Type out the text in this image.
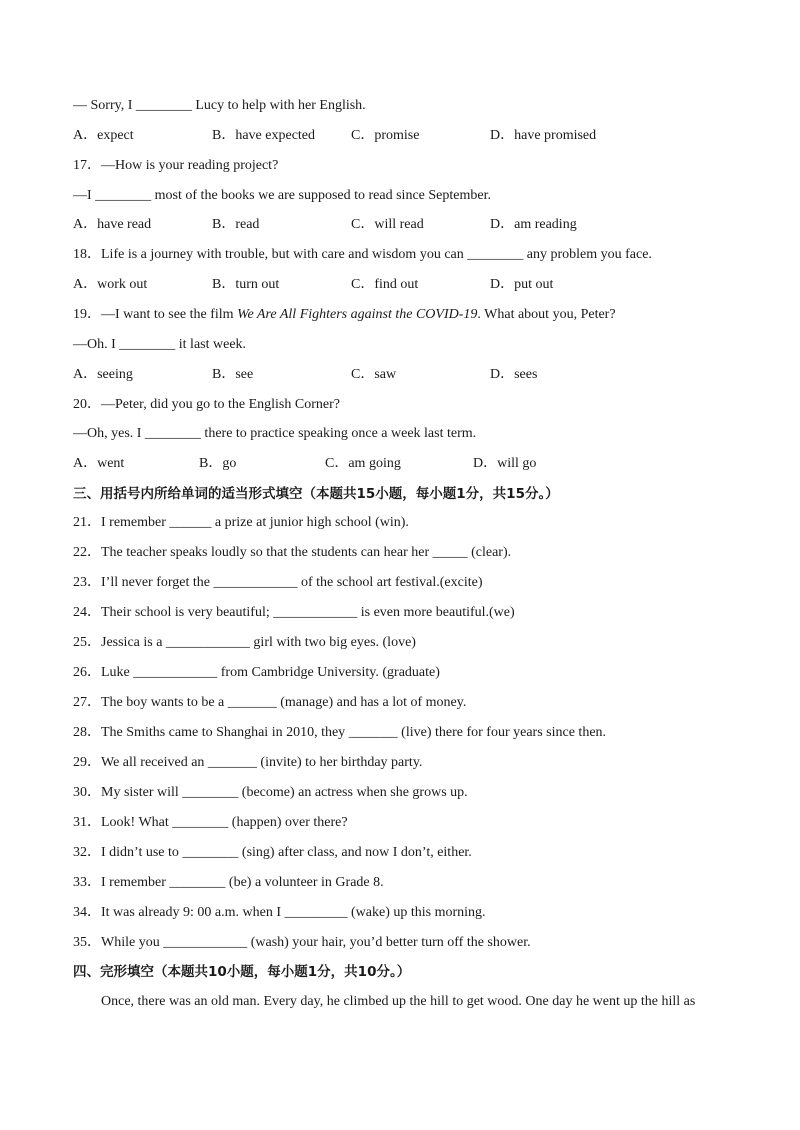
— Sorry, I ________ Lucy to help with her English.
A．expect	B．have expected	C．promise	D．have promised
17．—How is your reading project?
—I ________ most of the books we are supposed to read since September.
A．have read	B．read	C．will read	D．am reading
18．Life is a journey with trouble, but with care and wisdom you can ________ any problem you face.
A．work out	B．turn out	C．find out	D．put out
19．—I want to see the film We Are All Fighters against the COVID-19. What about you, Peter?
—Oh. I ________ it last week.
A．seeing	B．see	C．saw	D．sees
20．—Peter, did you go to the English Corner?
—Oh, yes. I ________ there to practice speaking once a week last term.
A．went	B．go	C．am going	D．will go
三、用括号内所给单词的适当形式填空（本题共15小题，每小题1分，共15分。）
21．I remember ______ a prize at junior high school (win).
22．The teacher speaks loudly so that the students can hear her _____ (clear).
23．I’ll never forget the ____________ of the school art festival.(excite)
24．Their school is very beautiful; ____________ is even more beautiful.(we)
25．Jessica is a ____________ girl with two big eyes. (love)
26．Luke ____________ from Cambridge University. (graduate)
27．The boy wants to be a _______ (manage) and has a lot of money.
28．The Smiths came to Shanghai in 2010, they _______ (live) there for four years since then.
29．We all received an _______ (invite) to her birthday party.
30．My sister will ________ (become) an actress when she grows up.
31．Look! What ________ (happen) over there?
32．I didn’t use to ________ (sing) after class, and now I don’t, either.
33．I remember ________ (be) a volunteer in Grade 8.
34．It was already 9: 00 a.m. when I _________ (wake) up this morning.
35．While you ____________ (wash) your hair, you’d better turn off the shower.
四、完形填空（本题共10小题，每小题1分，共10分。）
Once, there was an old man. Every day, he climbed up the hill to get wood. One day he went up the hill as
